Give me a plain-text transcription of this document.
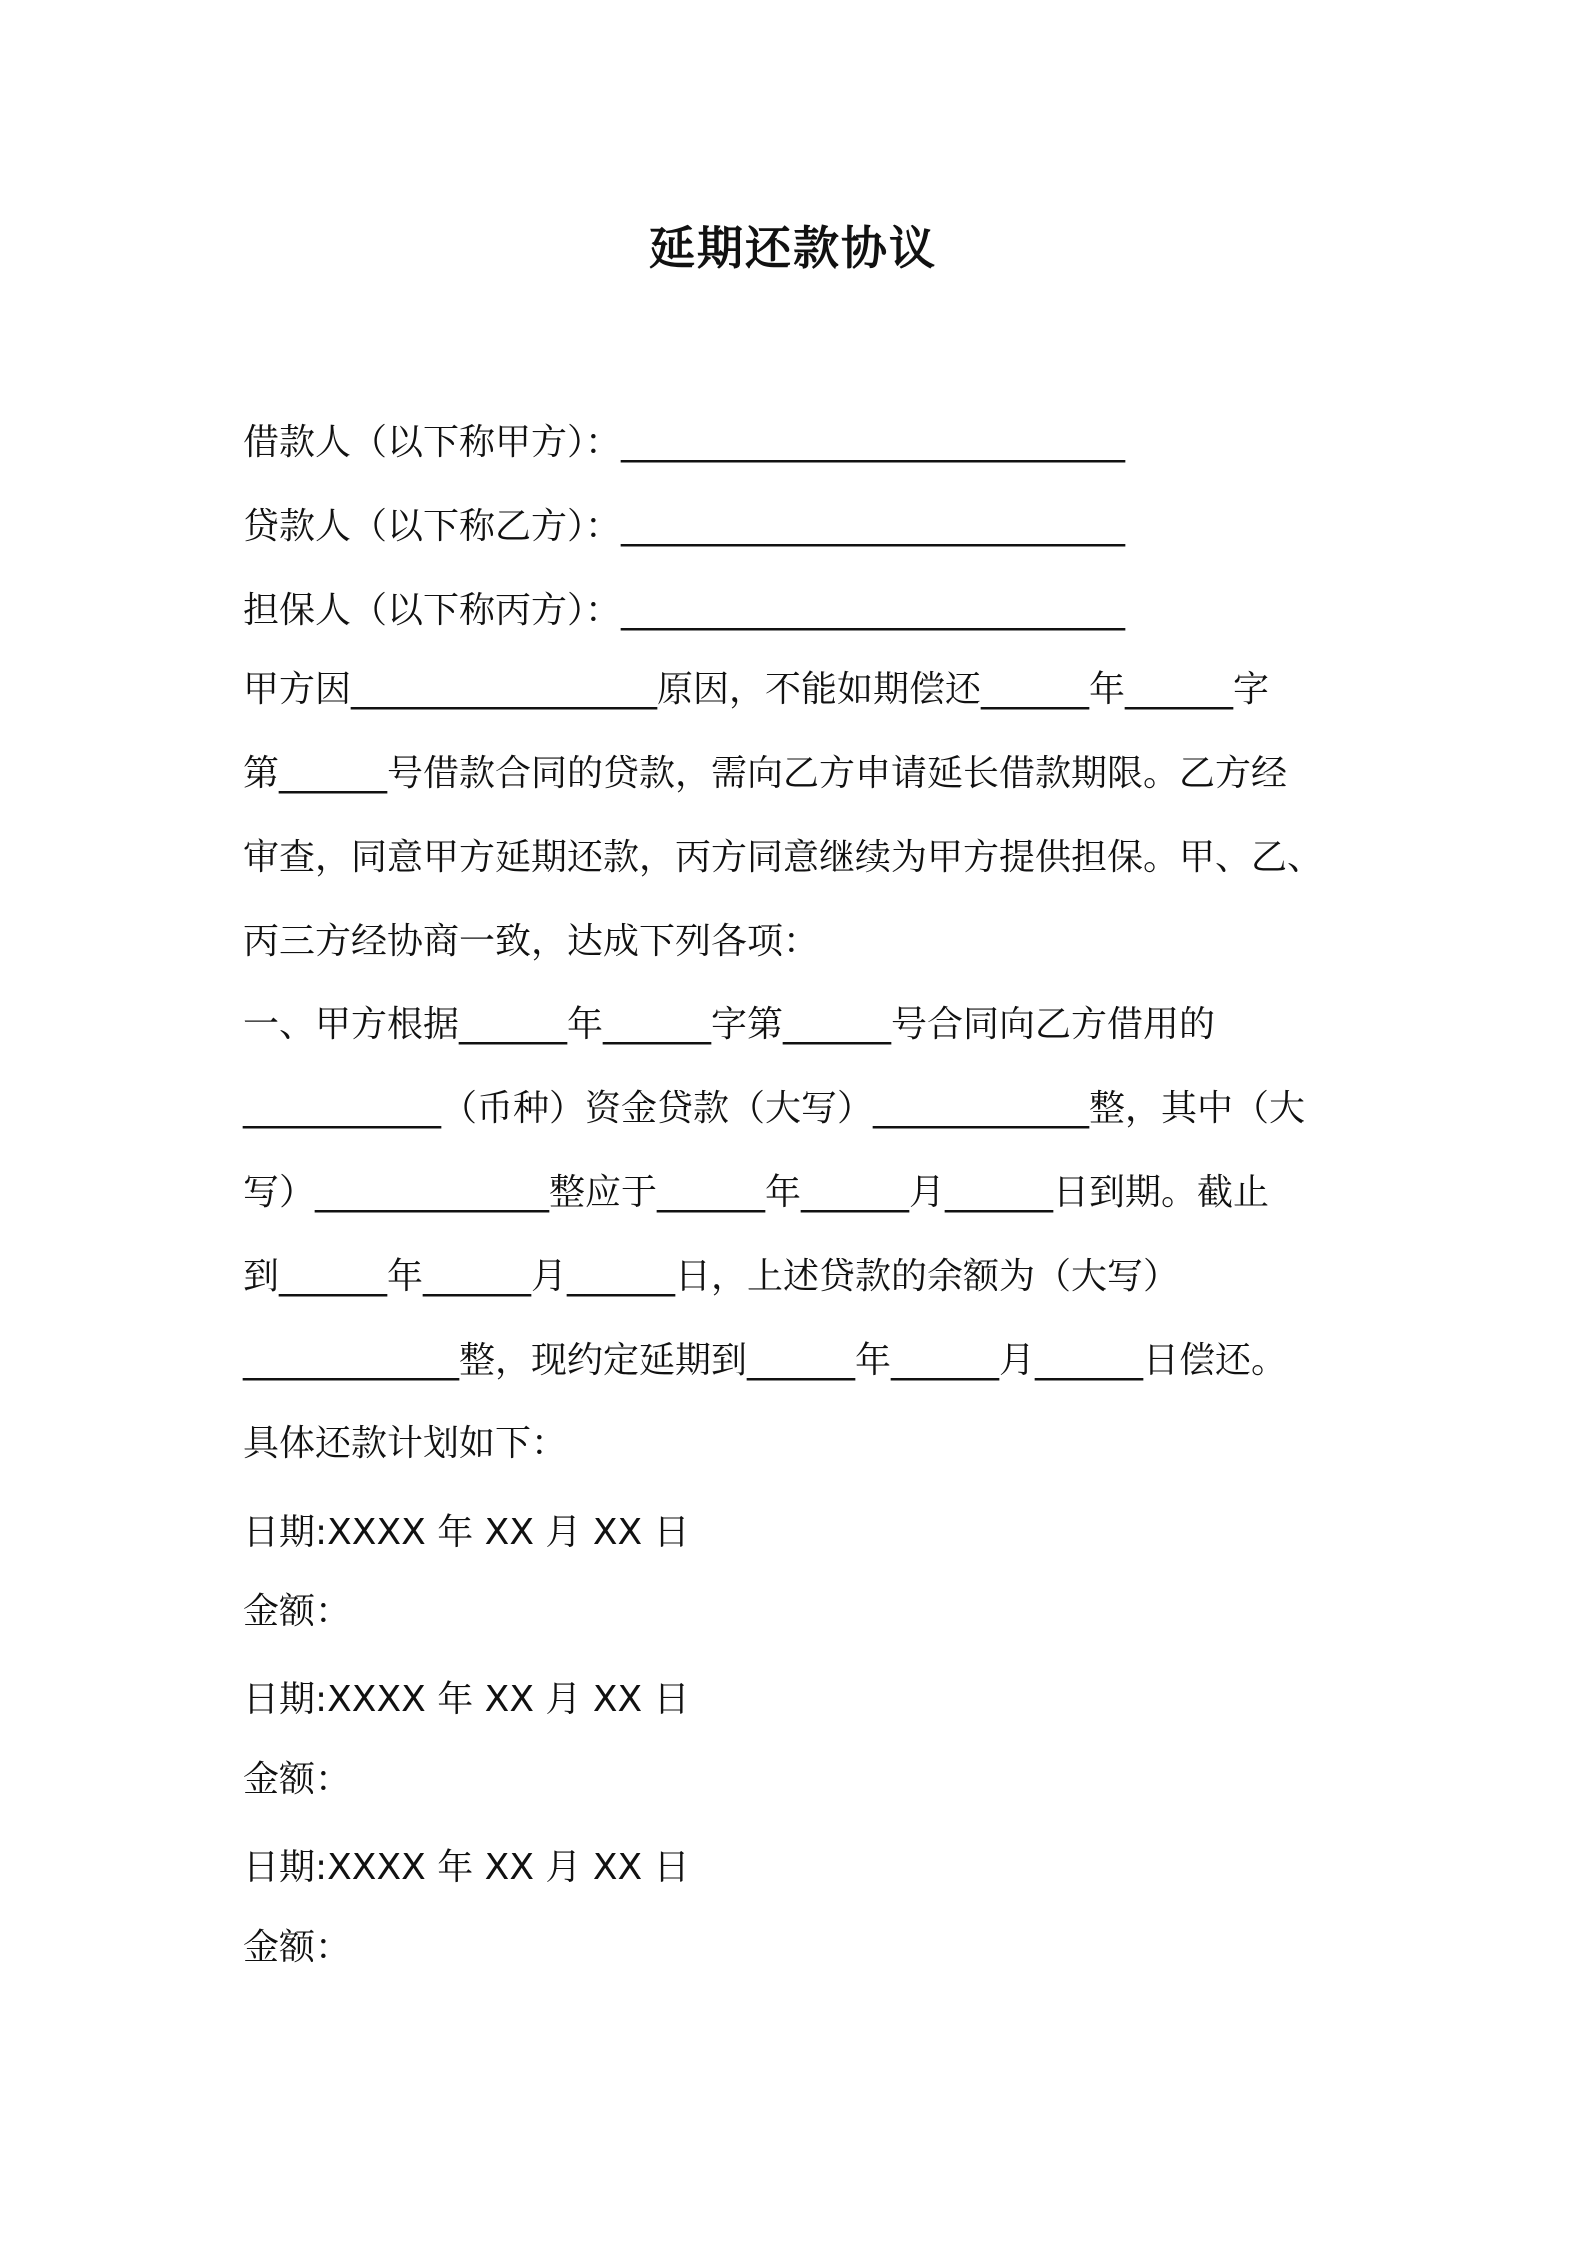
延期还款协议
借款人（以下称甲方）：____________________________
贷款人（以下称乙方）：____________________________
担保人（以下称丙方）：____________________________
甲方因_________________原因，不能如期偿还______年______字
第______号借款合同的贷款，需向乙方申请延长借款期限。乙方经
审查，同意甲方延期还款，丙方同意继续为甲方提供担保。甲、乙、
丙三方经协商一致，达成下列各项：
一、甲方根据______年______字第______号合同向乙方借用的
___________（币种）资金贷款（大写）____________整，其中（大
写）_____________整应于______年______月______日到期。截止
到______年______月______日，上述贷款的余额为（大写）
____________整，现约定延期到______年______月______日偿还。
具体还款计划如下：
日期:XXXX 年 XX 月 XX 日
金额：
日期:XXXX 年 XX 月 XX 日
金额：
日期:XXXX 年 XX 月 XX 日
金额：
